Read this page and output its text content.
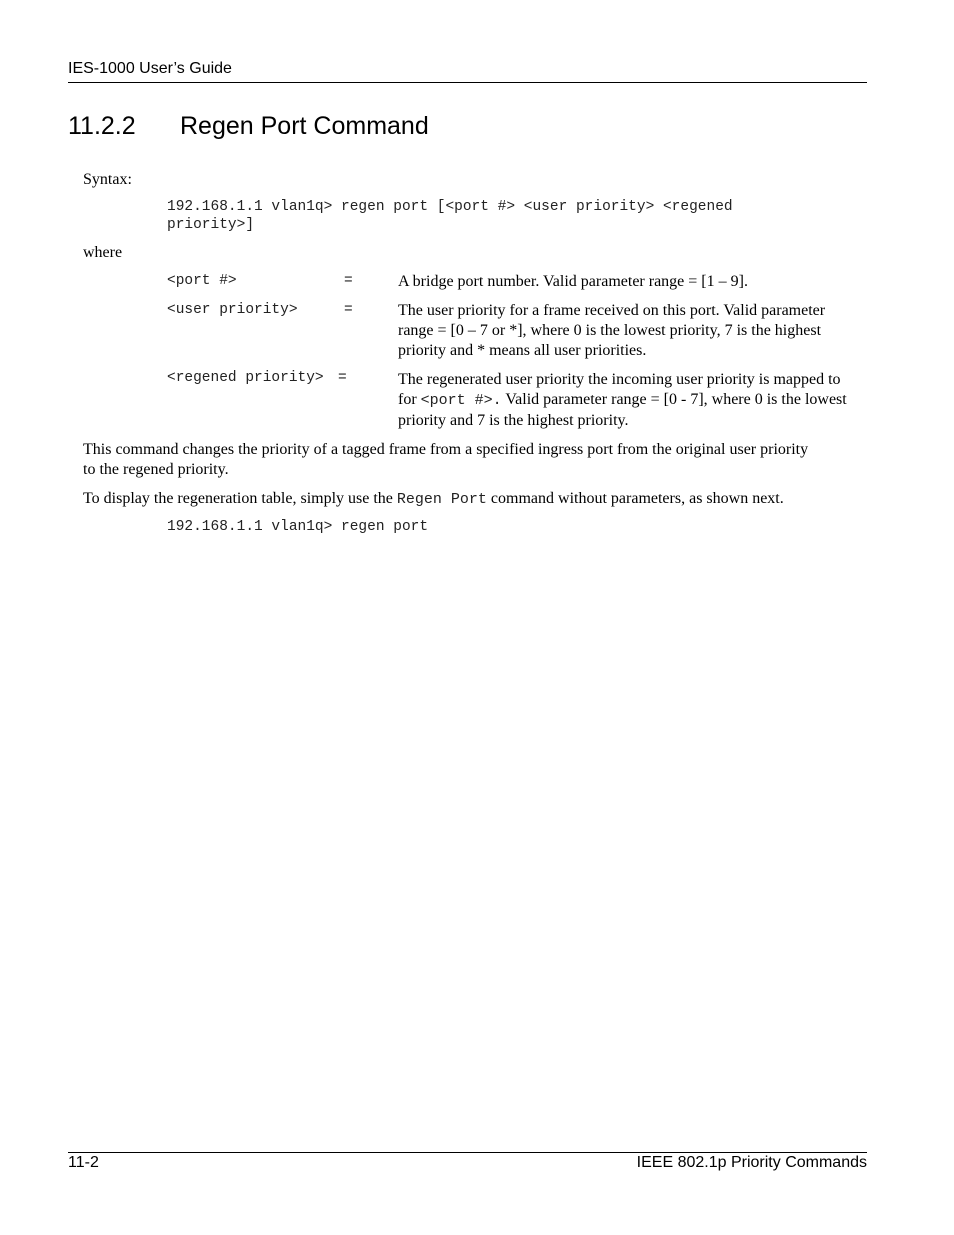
IES-1000 User’s Guide
11.2.2 Regen Port Command
Syntax:
192.168.1.1 vlan1q> regen port [<port #> <user priority> <regened
priority>]
where
<port #>	=	A bridge port number. Valid parameter range = [1 – 9].
<user priority>	=	The user priority for a frame received on this port. Valid parameter range = [0 – 7 or *], where 0 is the lowest priority, 7 is the highest priority and * means all user priorities.
<regened priority> =	The regenerated user priority the incoming user priority is mapped to for <port #>. Valid parameter range = [0 - 7], where 0 is the lowest priority and 7 is the highest priority.
This command changes the priority of a tagged frame from a specified ingress port from the original user priority to the regened priority.
To display the regeneration table, simply use the Regen Port command without parameters, as shown next.
192.168.1.1 vlan1q> regen port
11-2	IEEE 802.1p Priority Commands
